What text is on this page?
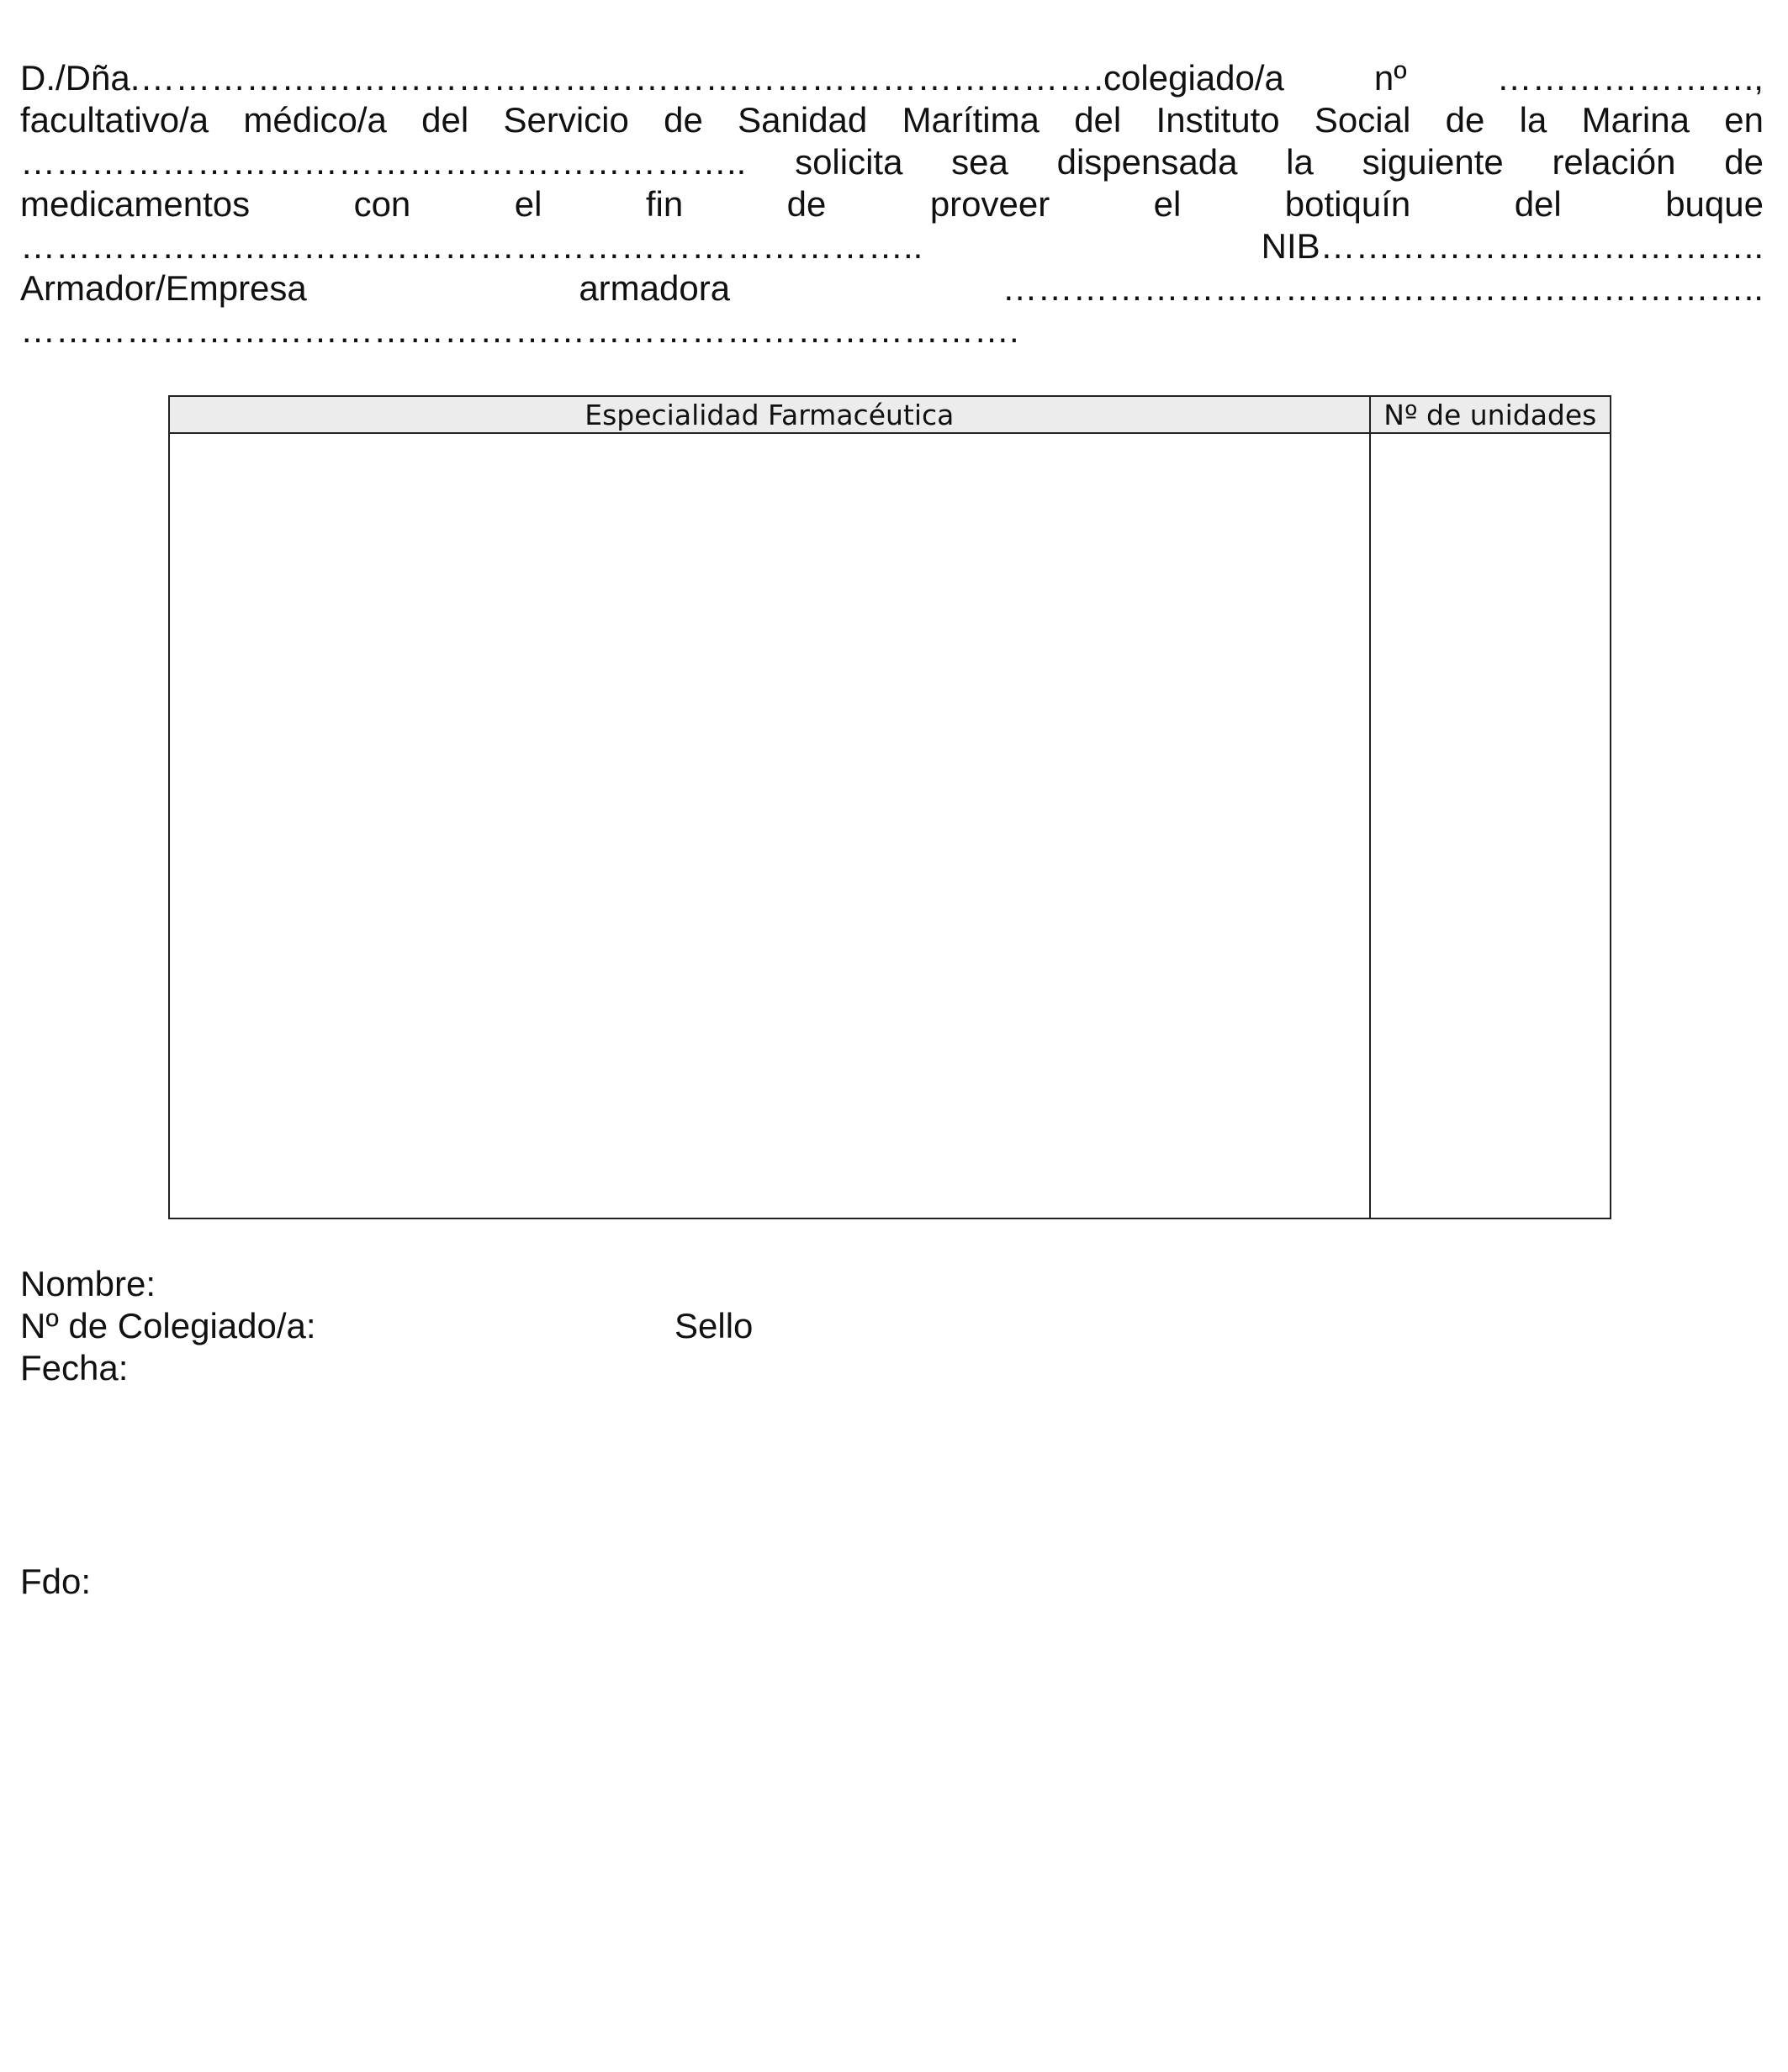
D./Dña.……………………………………………………………………….colegiado/a	nº	………………….,
facultativo/a médico/a del Servicio de Sanidad Marítima del Instituto Social de la Marina en
…………………………………………………….. solicita sea dispensada la siguiente relación de
medicamentos	con	el	fin	de	proveer	el	botiquín	del	buque
…………………………………………………………………..	NIB………………………………..
Armador/Empresa	armadora	………………………………………………………..
………………………………………………………………………….
Especialidad Farmacéutica	Nº de unidades

Nombre:
Nº de Colegiado/a:	Sello
Fecha:
Fdo:
